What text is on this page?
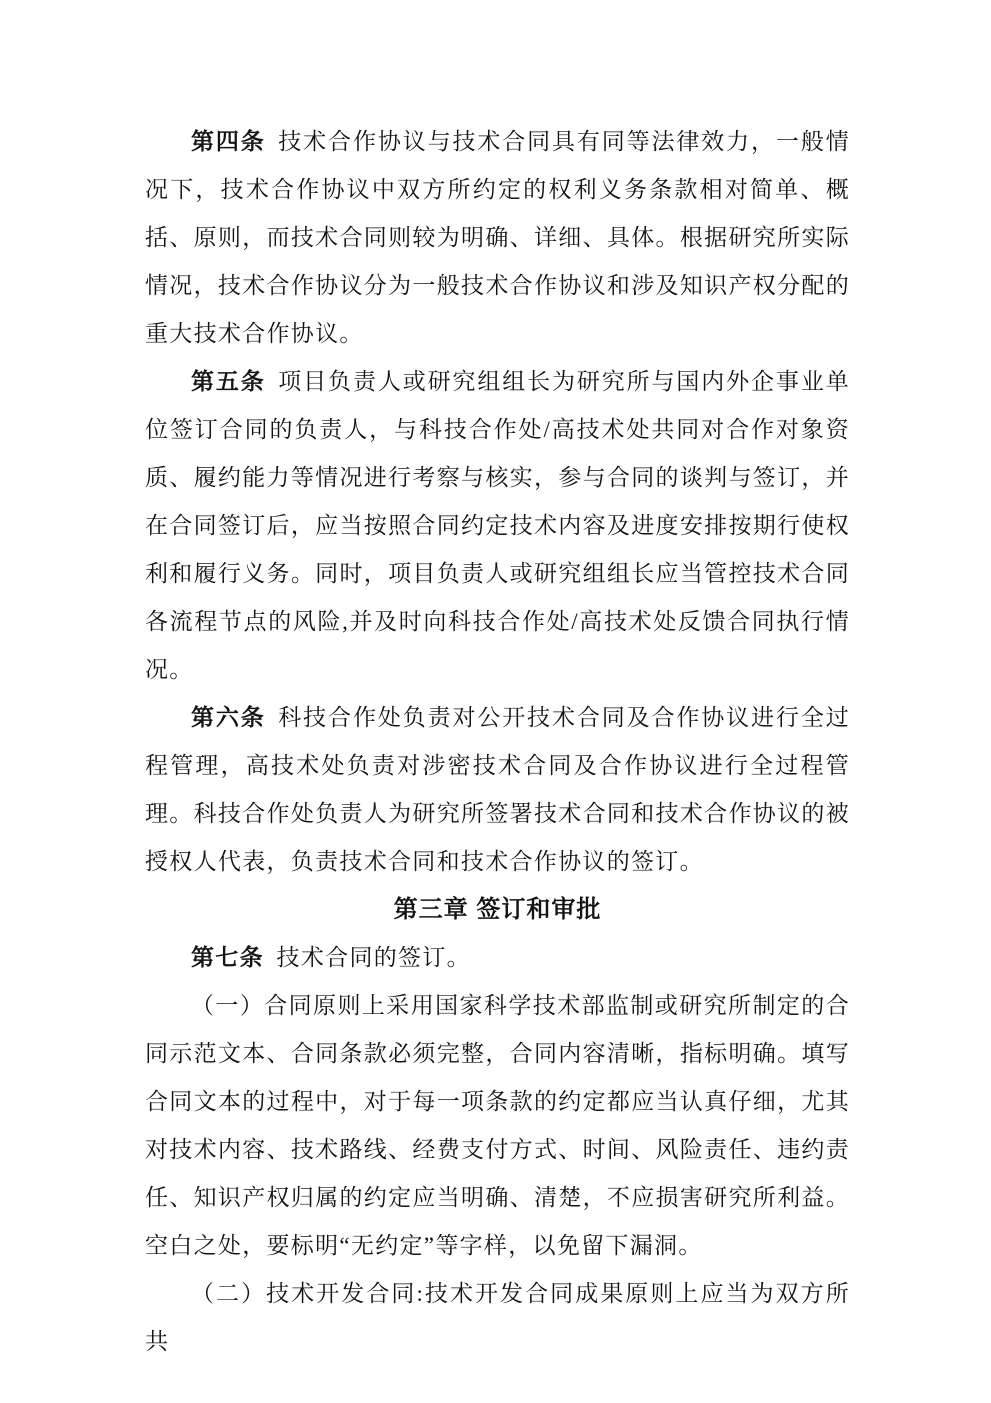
第四条 技术合作协议与技术合同具有同等法律效力，一般情况下，技术合作协议中双方所约定的权利义务条款相对简单、概括、原则，而技术合同则较为明确、详细、具体。根据研究所实际情况，技术合作协议分为一般技术合作协议和涉及知识产权分配的重大技术合作协议。

第五条 项目负责人或研究组组长为研究所与国内外企事业单位签订合同的负责人，与科技合作处/高技术处共同对合作对象资质、履约能力等情况进行考察与核实，参与合同的谈判与签订，并在合同签订后，应当按照合同约定技术内容及进度安排按期行使权利和履行义务。同时，项目负责人或研究组组长应当管控技术合同各流程节点的风险,并及时向科技合作处/高技术处反馈合同执行情况。

第六条 科技合作处负责对公开技术合同及合作协议进行全过程管理，高技术处负责对涉密技术合同及合作协议进行全过程管理。科技合作处负责人为研究所签署技术合同和技术合作协议的被授权人代表，负责技术合同和技术合作协议的签订。

第三章 签订和审批

第七条 技术合同的签订。

（一）合同原则上采用国家科学技术部监制或研究所制定的合同示范文本、合同条款必须完整，合同内容清晰，指标明确。填写合同文本的过程中，对于每一项条款的约定都应当认真仔细，尤其对技术内容、技术路线、经费支付方式、时间、风险责任、违约责任、知识产权归属的约定应当明确、清楚，不应损害研究所利益。空白之处，要标明“无约定”等字样，以免留下漏洞。

（二）技术开发合同:技术开发合同成果原则上应当为双方所共
